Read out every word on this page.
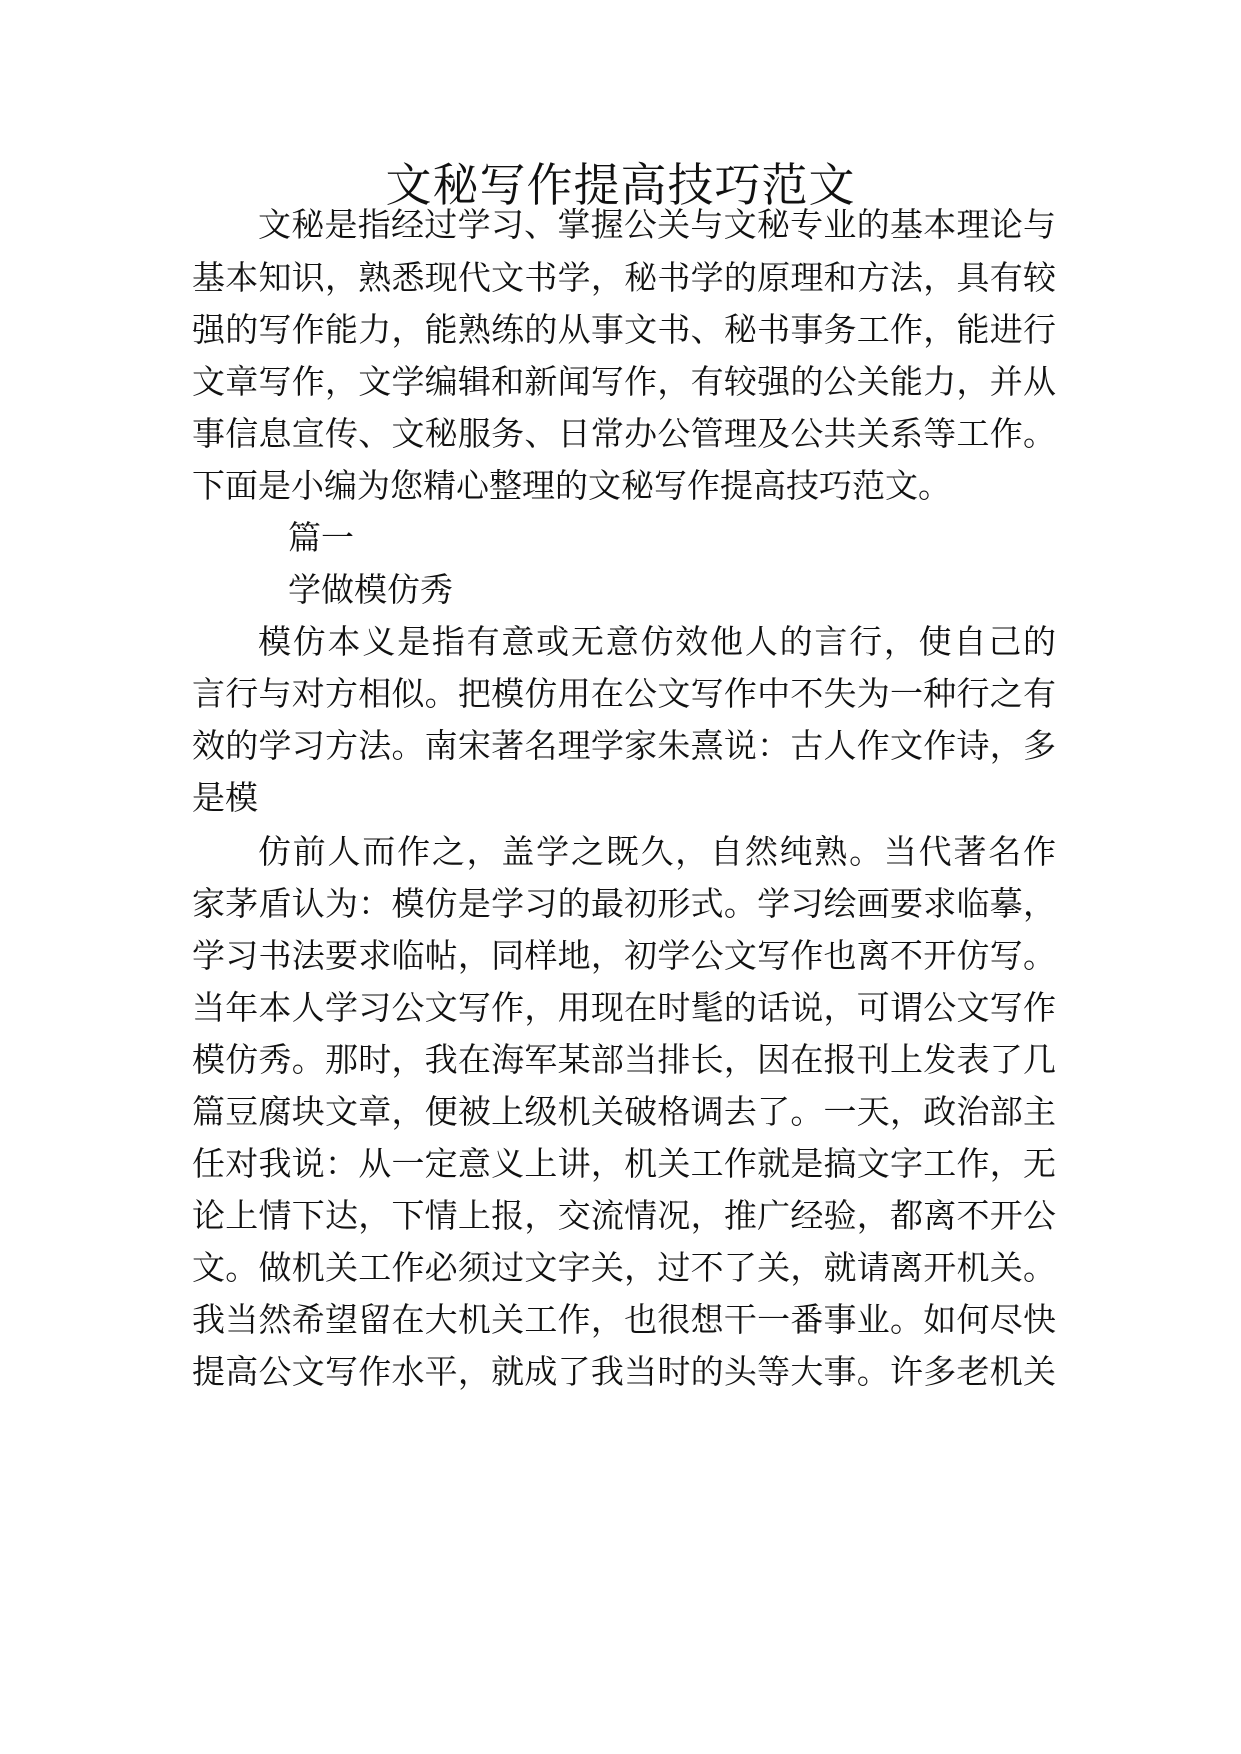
文秘写作提高技巧范文
文秘是指经过学习、掌握公关与文秘专业的基本理论与
基本知识，熟悉现代文书学，秘书学的原理和方法，具有较
强的写作能力，能熟练的从事文书、秘书事务工作，能进行
文章写作，文学编辑和新闻写作，有较强的公关能力，并从
事信息宣传、文秘服务、日常办公管理及公共关系等工作。
下面是小编为您精心整理的文秘写作提高技巧范文。
篇一
学做模仿秀
模仿本义是指有意或无意仿效他人的言行，使自己的
言行与对方相似。把模仿用在公文写作中不失为一种行之有
效的学习方法。南宋著名理学家朱熹说：古人作文作诗，多
是模
仿前人而作之，盖学之既久，自然纯熟。当代著名作
家茅盾认为：模仿是学习的最初形式。学习绘画要求临摹，
学习书法要求临帖，同样地，初学公文写作也离不开仿写。
当年本人学习公文写作，用现在时髦的话说，可谓公文写作
模仿秀。那时，我在海军某部当排长，因在报刊上发表了几
篇豆腐块文章，便被上级机关破格调去了。一天，政治部主
任对我说：从一定意义上讲，机关工作就是搞文字工作，无
论上情下达，下情上报，交流情况，推广经验，都离不开公
文。做机关工作必须过文字关，过不了关，就请离开机关。
我当然希望留在大机关工作，也很想干一番事业。如何尽快
提高公文写作水平，就成了我当时的头等大事。许多老机关
